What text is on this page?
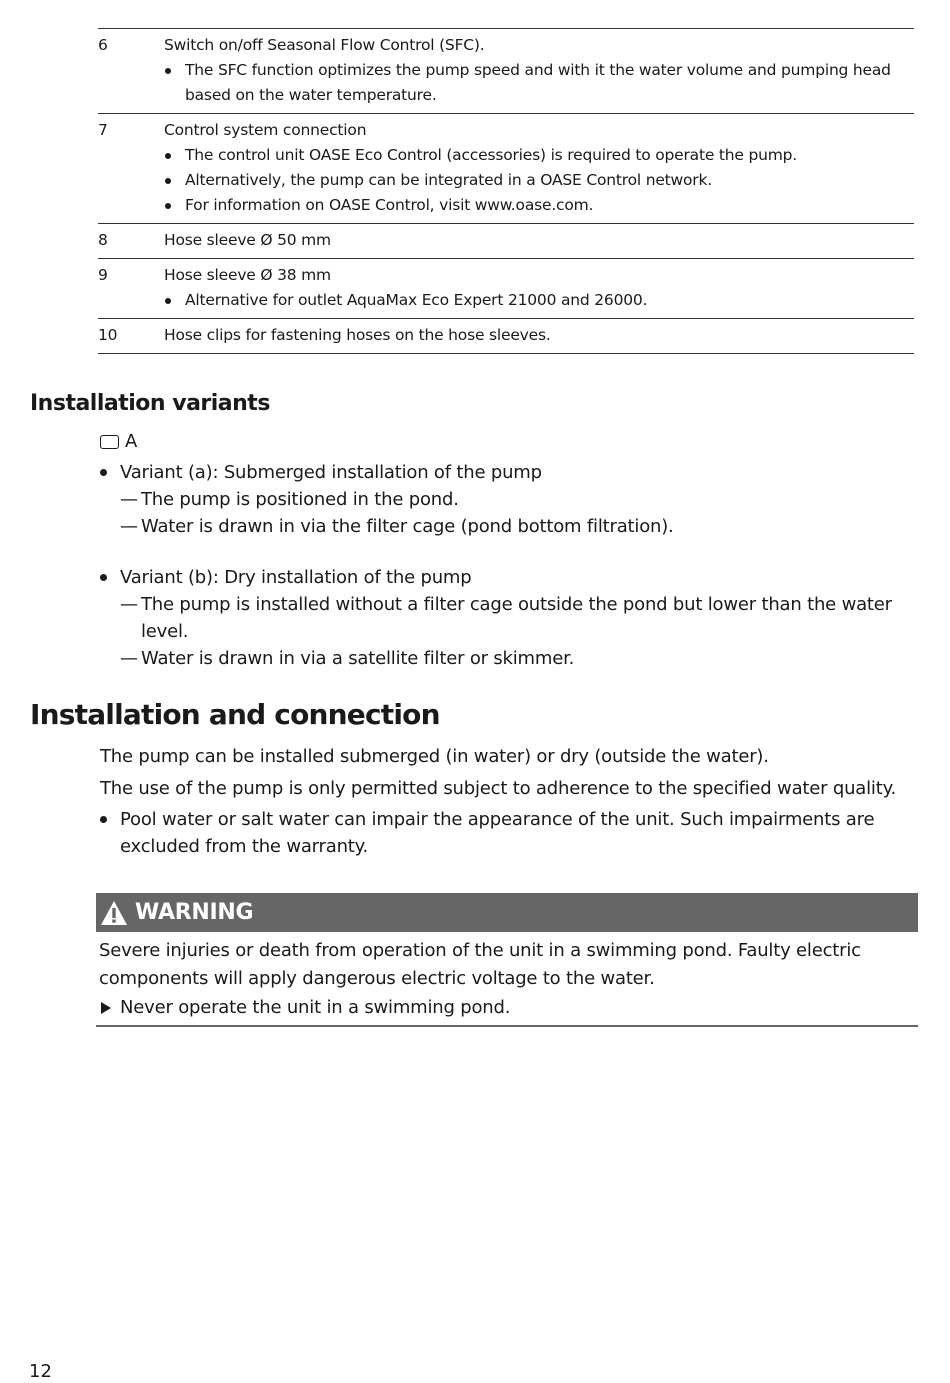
6	Switch on/off Seasonal Flow Control (SFC).
The SFC function optimizes the pump speed and with it the water volume and pumping head based on the water temperature.
7	Control system connection
The control unit OASE Eco Control (accessories) is required to operate the pump.
Alternatively, the pump can be integrated in a OASE Control network.
For information on OASE Control, visit www.oase.com.
8	Hose sleeve Ø 50 mm
9	Hose sleeve Ø 38 mm
Alternative for outlet AquaMax Eco Expert 21000 and 26000.
10	Hose clips for fastening hoses on the hose sleeves.
Installation variants
A
Variant (a): Submerged installation of the pump
— The pump is positioned in the pond.
— Water is drawn in via the filter cage (pond bottom filtration).
Variant (b): Dry installation of the pump
— The pump is installed without a filter cage outside the pond but lower than the water level.
— Water is drawn in via a satellite filter or skimmer.
Installation and connection
The pump can be installed submerged (in water) or dry (outside the water).
The use of the pump is only permitted subject to adherence to the specified water quality.
Pool water or salt water can impair the appearance of the unit. Such impairments are excluded from the warranty.
WARNING
Severe injuries or death from operation of the unit in a swimming pond. Faulty electric components will apply dangerous electric voltage to the water.
Never operate the unit in a swimming pond.
12
